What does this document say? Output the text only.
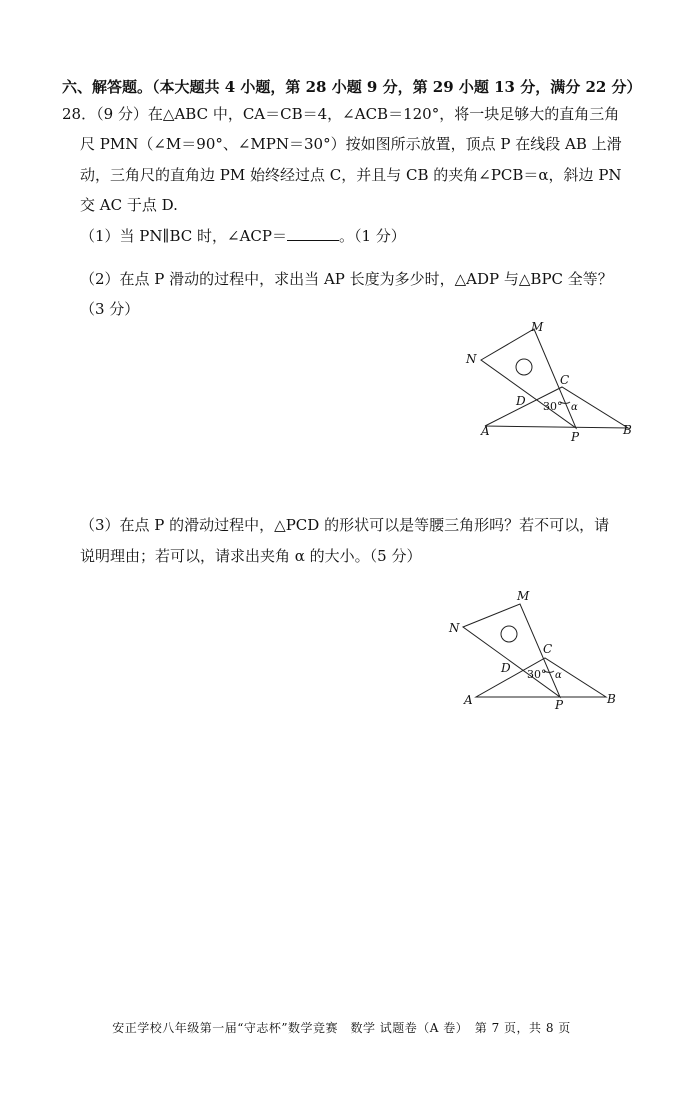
六、解答题。（本大题共 4 小题，第 28 小题 9 分，第 29 小题 13 分，满分 22 分）
28．（9 分）在△ABC 中，CA＝CB＝4，∠ACB＝120°，将一块足够大的直角三角
尺 PMN（∠M＝90°、∠MPN＝30°）按如图所示放置，顶点 P 在线段 AB 上滑
动，三角尺的直角边 PM 始终经过点 C，并且与 CB 的夹角∠PCB＝α，斜边 PN
交 AC 于点 D.
（1）当 PN∥BC 时，∠ACP＝	。（1 分）
（2）在点 P 滑动的过程中，求出当 AP 长度为多少时，△ADP 与△BPC 全等？
（3 分）
M
N
C
D
A	P	B
α
30°
（3）在点 P 的滑动过程中，△PCD 的形状可以是等腰三角形吗？若不可以，请
说明理由；若可以，请求出夹角 α 的大小。（5 分）
M
N
C
D
A	P	B
α
30°
安正学校八年级第一届“守志杯”数学竞赛　数学 试题卷（A 卷）　第 7 页，共 8 页
